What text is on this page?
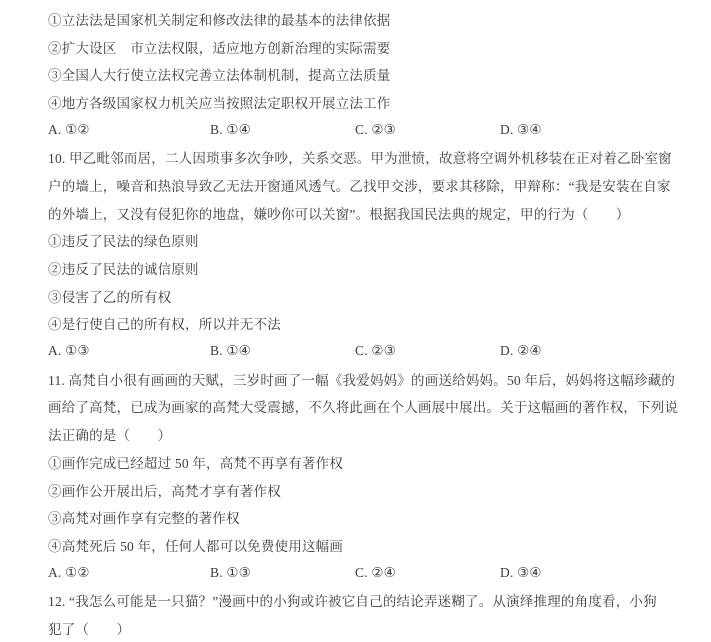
①立法法是国家机关制定和修改法律的最基本的法律依据
②扩大设区　市立法权限，适应地方创新治理的实际需要
③全国人大行使立法权完善立法体制机制，提高立法质量
④地方各级国家权力机关应当按照法定职权开展立法工作
A. ①②	B. ①④	C. ②③	D. ③④
10. 甲乙毗邻而居，二人因琐事多次争吵，关系交恶。甲为泄愤，故意将空调外机移装在正对着乙卧室窗
户的墙上，噪音和热浪导致乙无法开窗通风透气。乙找甲交涉，要求其移除，甲辩称：“我是安装在自家
的外墙上，又没有侵犯你的地盘，嫌吵你可以关窗”。根据我国民法典的规定，甲的行为（　　）
①违反了民法的绿色原则
②违反了民法的诚信原则
③侵害了乙的所有权
④是行使自己的所有权，所以并无不法
A. ①③	B. ①④	C. ②③	D. ②④
11. 高梵自小很有画画的天赋，三岁时画了一幅《我爱妈妈》的画送给妈妈。50 年后，妈妈将这幅珍藏的
画给了高梵，已成为画家的高梵大受震撼，不久将此画在个人画展中展出。关于这幅画的著作权，下列说
法正确的是（　　）
①画作完成已经超过 50 年，高梵不再享有著作权
②画作公开展出后，高梵才享有著作权
③高梵对画作享有完整的著作权
④高梵死后 50 年，任何人都可以免费使用这幅画
A. ①②	B. ①③	C. ②④	D. ③④
12. “我怎么可能是一只猫？”漫画中的小狗或许被它自己的结论弄迷糊了。从演绎推理的角度看，小狗
犯了（　　）
